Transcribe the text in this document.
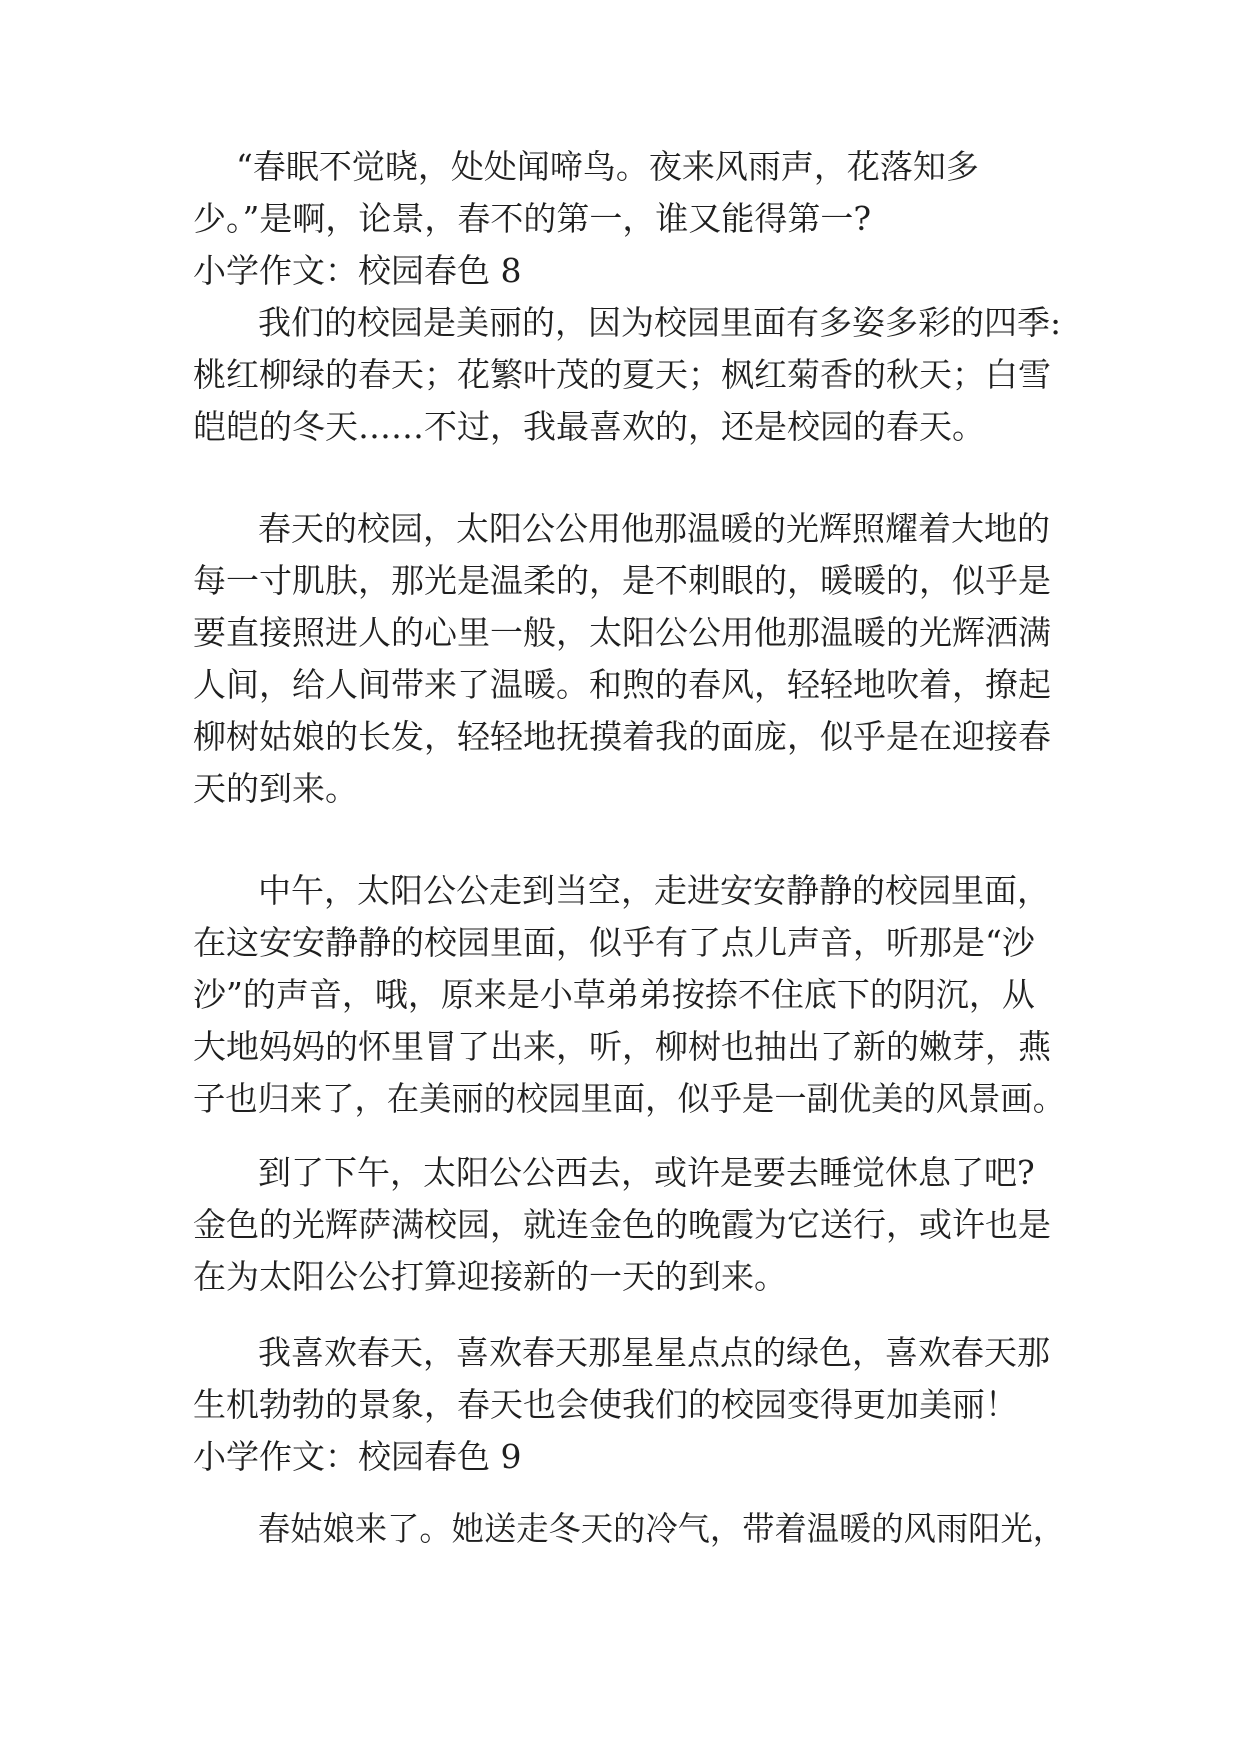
“春眠不觉晓，处处闻啼鸟。夜来风雨声，花落知多
少。”是啊，论景，春不的第一，谁又能得第一?
小学作文：校园春色 8
我们的校园是美丽的，因为校园里面有多姿多彩的四季:
桃红柳绿的春天；花繁叶茂的夏天；枫红菊香的秋天；白雪
皑皑的冬天……不过，我最喜欢的，还是校园的春天。
春天的校园，太阳公公用他那温暖的光辉照耀着大地的
每一寸肌肤，那光是温柔的，是不刺眼的，暖暖的，似乎是
要直接照进人的心里一般，太阳公公用他那温暖的光辉洒满
人间，给人间带来了温暖。和煦的春风，轻轻地吹着，撩起
柳树姑娘的长发，轻轻地抚摸着我的面庞，似乎是在迎接春
天的到来。
中午，太阳公公走到当空，走进安安静静的校园里面，
在这安安静静的校园里面，似乎有了点儿声音，听那是“沙
沙”的声音，哦，原来是小草弟弟按捺不住底下的阴沉，从
大地妈妈的怀里冒了出来，听，柳树也抽出了新的嫩芽，燕
子也归来了，在美丽的校园里面，似乎是一副优美的风景画。
到了下午，太阳公公西去，或许是要去睡觉休息了吧?
金色的光辉萨满校园，就连金色的晚霞为它送行，或许也是
在为太阳公公打算迎接新的一天的到来。
我喜欢春天，喜欢春天那星星点点的绿色，喜欢春天那
生机勃勃的景象，春天也会使我们的校园变得更加美丽！
小学作文：校园春色 9
春姑娘来了。她送走冬天的冷气，带着温暖的风雨阳光，
